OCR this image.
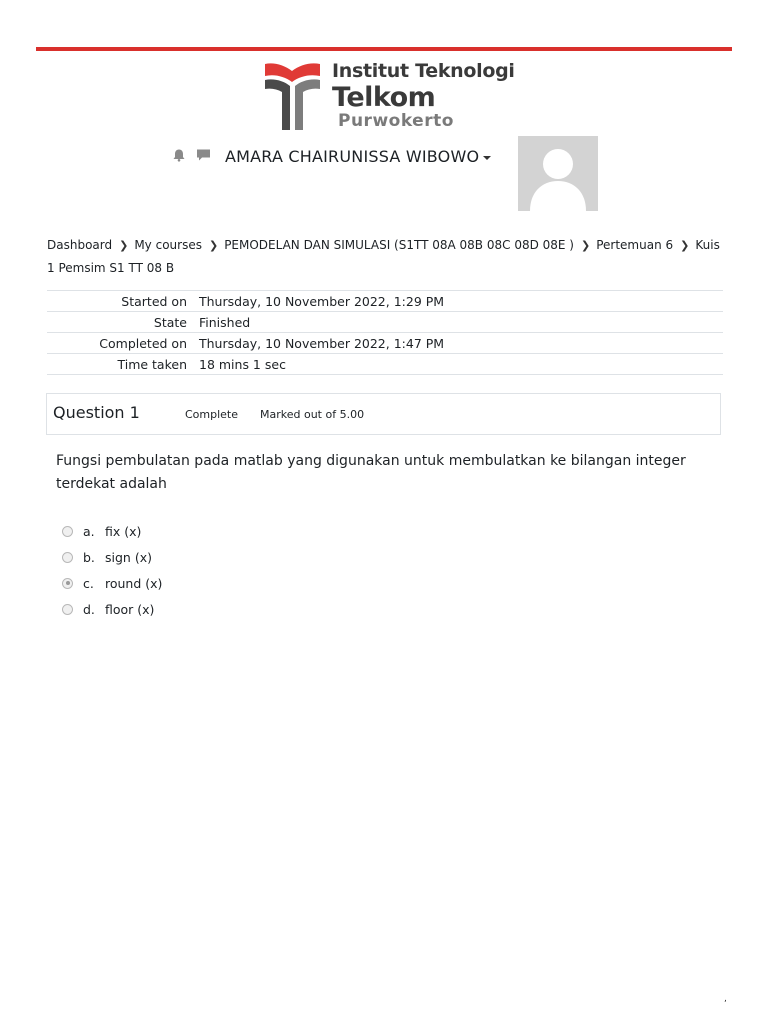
Institut Teknologi
Telkom
Purwokerto
AMARA CHAIRUNISSA WIBOWO
Dashboard ❯ My courses ❯ PEMODELAN DAN SIMULASI (S1TT 08A 08B 08C 08D 08E ) ❯ Pertemuan 6 ❯ Kuis 1 Pemsim S1 TT 08 B
Started on	Thursday, 10 November 2022, 1:29 PM
State	Finished
Completed on	Thursday, 10 November 2022, 1:47 PM
Time taken	18 mins 1 sec
Question 1	Complete Marked out of 5.00
Fungsi pembulatan pada matlab yang digunakan untuk membulatkan ke bilangan integer terdekat adalah
a. fix (x)
b. sign (x)
c. round (x)
d. floor (x)
,
